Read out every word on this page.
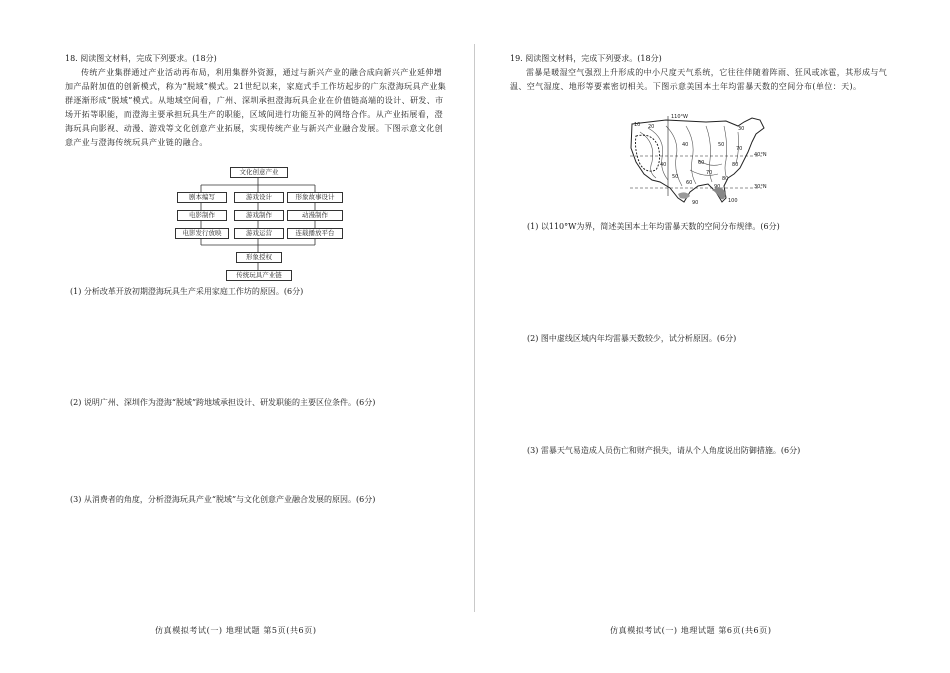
18. 阅读图文材料，完成下列要求。(18分)

传统产业集群通过产业活动再布局，利用集群外资源，通过与新兴产业的融合成向新兴产业延伸增加产品附加值的创新模式，称为“脱域”模式。21世纪以来，家庭式手工作坊起步的广东澄海玩具产业集群逐渐形成“脱域”模式。从地域空间看，广州、深圳承担澄海玩具企业在价值链高端的设计、研发、市场开拓等职能，而澄海主要承担玩具生产的职能，区域间进行功能互补的网络合作。从产业拓展看，澄海玩具向影视、动漫、游戏等文化创意产业拓展，实现传统产业与新兴产业融合发展。下图示意文化创意产业与澄海传统玩具产业链的融合。

文化创意产业
剧本编写	游戏设计	形象故事设计
电影制作	游戏制作	动漫制作
电影发行放映	游戏运营	连载播放平台
形象授权
传统玩具产业链

(1) 分析改革开放初期澄海玩具生产采用家庭工作坊的原因。(6分)

(2) 说明广州、深圳作为澄海“脱域”跨地域承担设计、研发职能的主要区位条件。(6分)

(3) 从消费者的角度，分析澄海玩具产业“脱域”与文化创意产业融合发展的原因。(6分)

19. 阅读图文材料，完成下列要求。(18分)

雷暴是暖湿空气强烈上升形成的中小尺度天气系统，它往往伴随着阵雨、狂风或冰雹，其形成与气温、空气湿度、地形等要素密切相关。下图示意美国本土年均雷暴天数的空间分布(单位：天)。

110°W
40°N
30°N
10 20
40	50
60
70
80
90
100
30
40
50
60
70
80
90

(1) 以110°W为界，简述美国本土年均雷暴天数的空间分布规律。(6分)

(2) 图中虚线区域内年均雷暴天数较少，试分析原因。(6分)

(3) 雷暴天气易造成人员伤亡和财产损失，请从个人角度说出防御措施。(6分)

仿真模拟考试(一) 地理试题 第5页(共6页)	仿真模拟考试(一) 地理试题 第6页(共6页)
